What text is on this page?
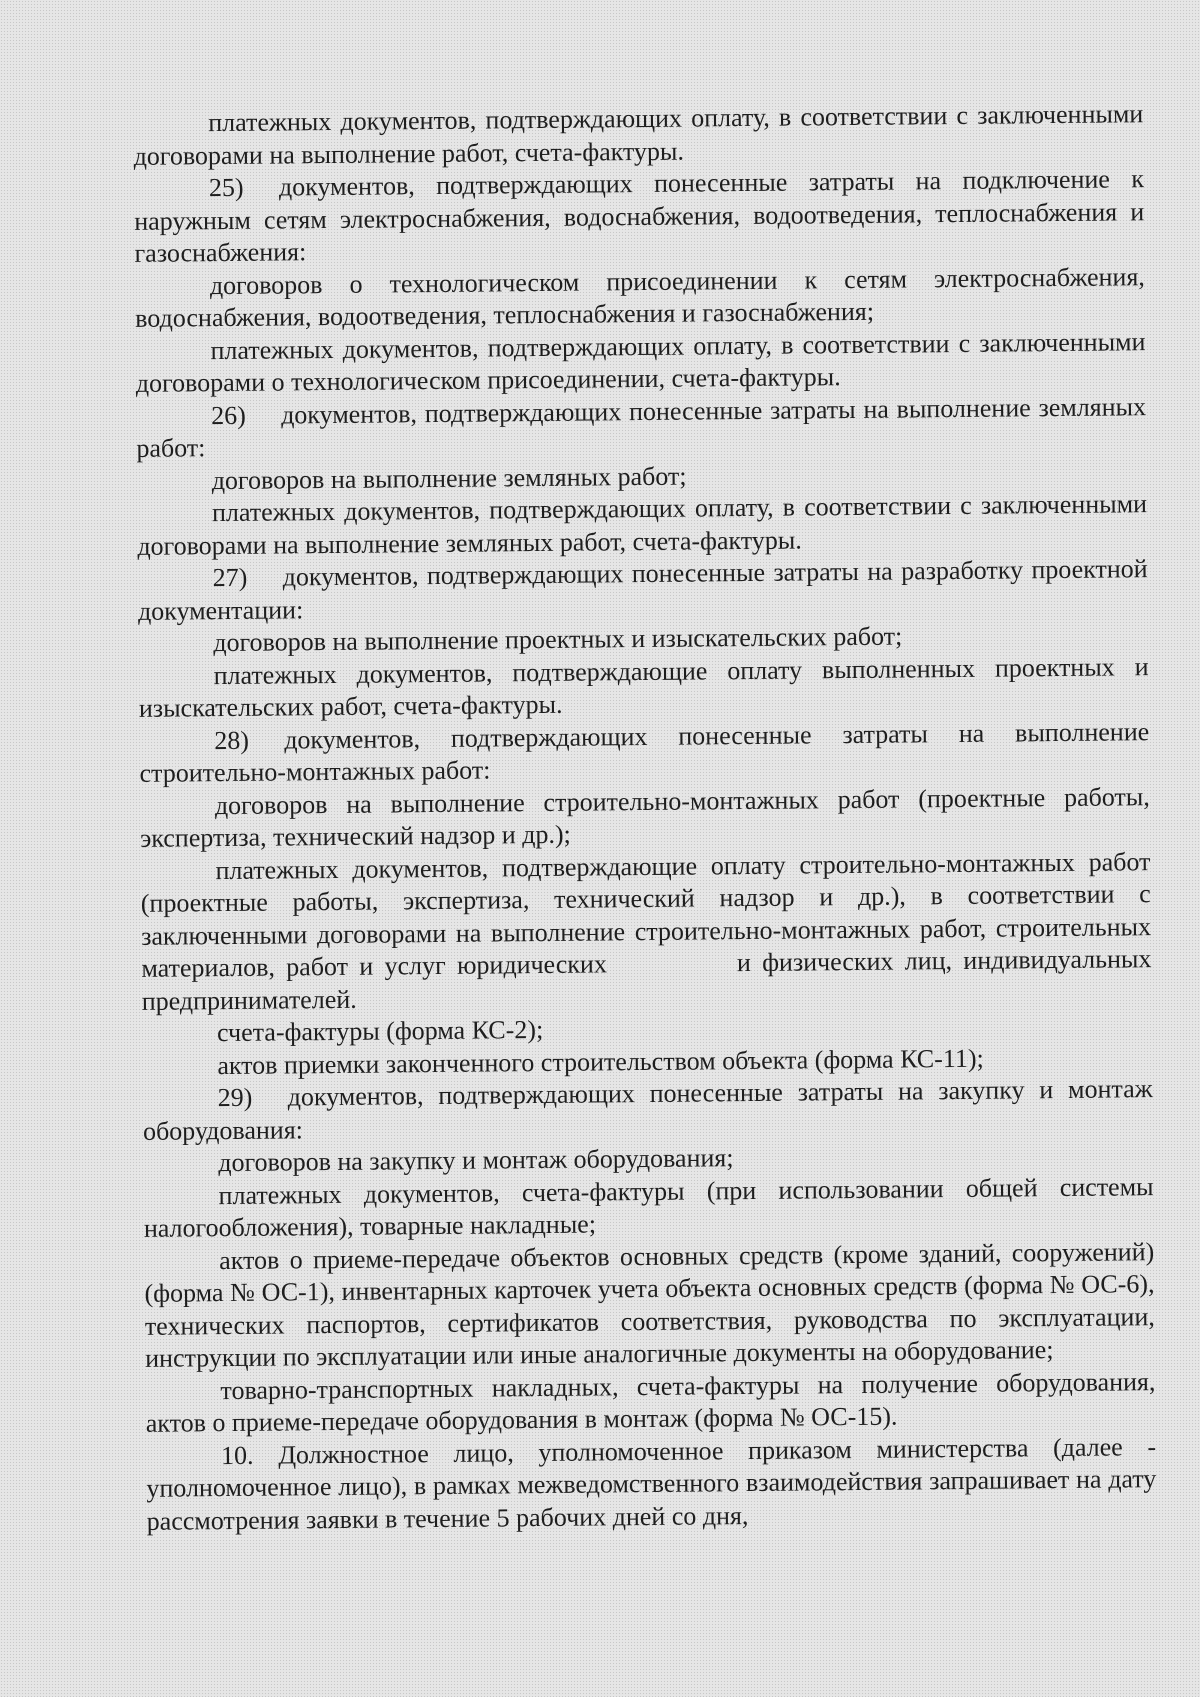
платежных документов, подтверждающих оплату, в соответствии с заключенными договорами на выполнение работ, счета-фактуры.

25) документов, подтверждающих понесенные затраты на подключение к наружным сетям электроснабжения, водоснабжения, водоотведения, теплоснабжения и газоснабжения:

договоров о технологическом присоединении к сетям электроснабжения, водоснабжения, водоотведения, теплоснабжения и газоснабжения;

платежных документов, подтверждающих оплату, в соответствии с заключенными договорами о технологическом присоединении, счета-фактуры.

26) документов, подтверждающих понесенные затраты на выполнение земляных работ:

договоров на выполнение земляных работ;

платежных документов, подтверждающих оплату, в соответствии с заключенными договорами на выполнение земляных работ, счета-фактуры.

27) документов, подтверждающих понесенные затраты на разработку проектной документации:

договоров на выполнение проектных и изыскательских работ;

платежных документов, подтверждающие оплату выполненных проектных и изыскательских работ, счета-фактуры.

28) документов, подтверждающих понесенные затраты на выполнение строительно-монтажных работ:

договоров на выполнение строительно-монтажных работ (проектные работы, экспертиза, технический надзор и др.);

платежных документов, подтверждающие оплату строительно-монтажных работ (проектные работы, экспертиза, технический надзор и др.), в соответствии с заключенными договорами на выполнение строительно-монтажных работ, строительных материалов, работ и услуг юридических	и физических лиц, индивидуальных предпринимателей.

счета-фактуры (форма КС-2);

актов приемки законченного строительством объекта (форма КС-11);

29) документов, подтверждающих понесенные затраты на закупку и монтаж оборудования:

договоров на закупку и монтаж оборудования;

платежных документов, счета-фактуры (при использовании общей системы налогообложения), товарные накладные;

актов о приеме-передаче объектов основных средств (кроме зданий, сооружений) (форма № ОС-1), инвентарных карточек учета объекта основных средств (форма № ОС-6), технических паспортов, сертификатов соответствия, руководства по эксплуатации, инструкции по эксплуатации или иные аналогичные документы на оборудование;

товарно-транспортных накладных, счета-фактуры на получение оборудования, актов о приеме-передаче оборудования в монтаж (форма № ОС-15).

10. Должностное лицо, уполномоченное приказом министерства (далее - уполномоченное лицо), в рамках межведомственного взаимодействия запрашивает на дату рассмотрения заявки в течение 5 рабочих дней со дня,
